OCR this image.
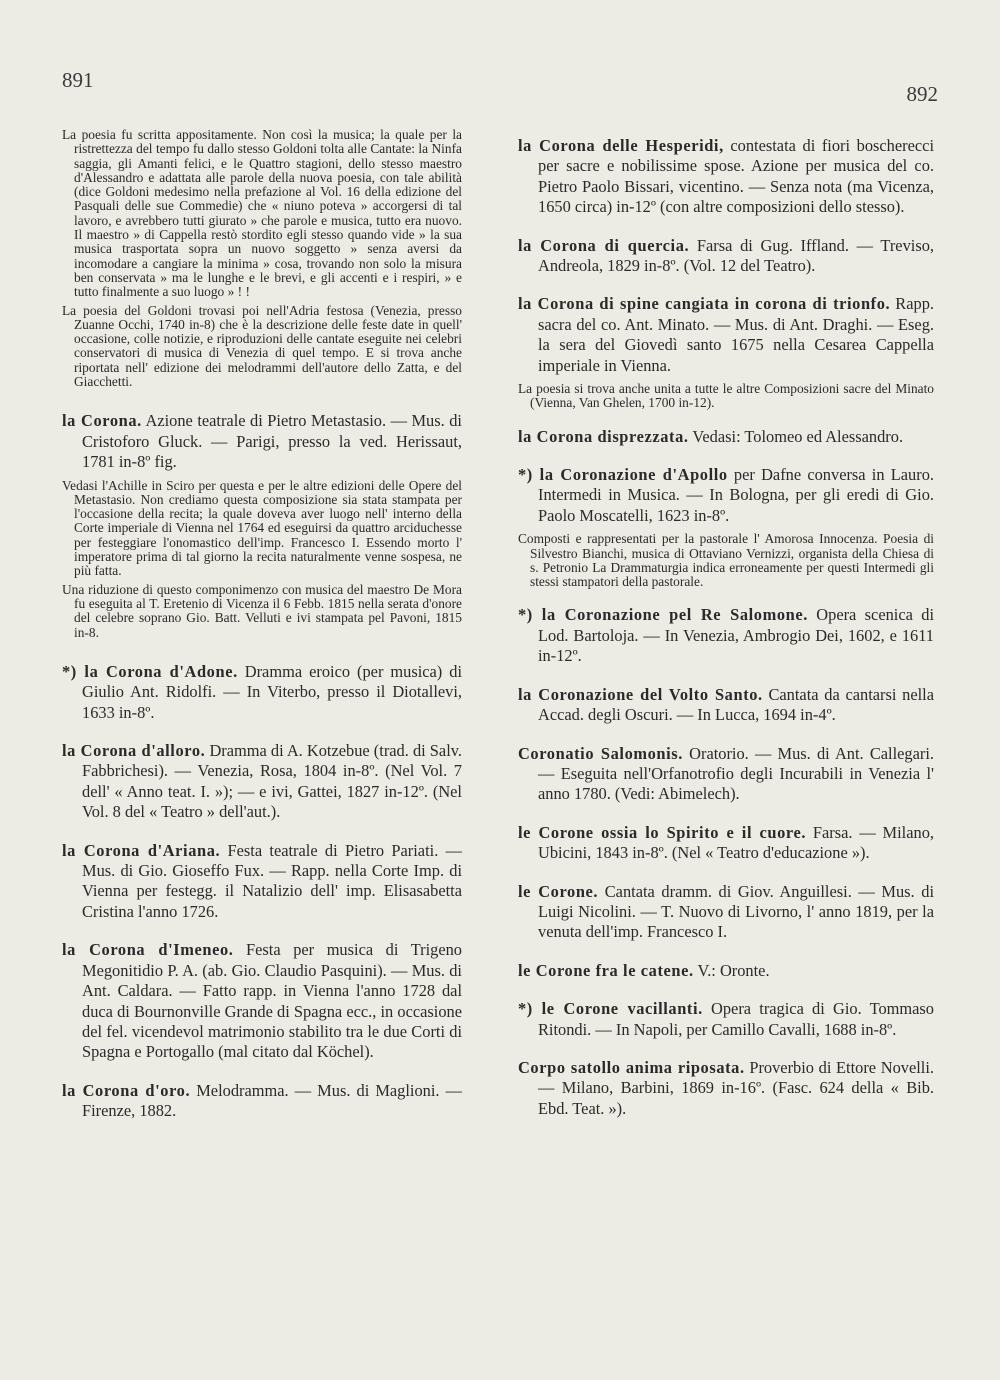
891
892

La poesia fu scritta appositamente. Non così la musica; la quale per la ristrettezza del tempo fu dallo stesso Goldoni tolta alle Cantate: la Ninfa saggia, gli Amanti felici, e le Quattro stagioni, dello stesso maestro d'Alessandro e adattata alle parole della nuova poesia, con tale abilità (dice Goldoni medesimo nella prefazione al Vol. 16 della edizione del Pasquali delle sue Commedie) che « niuno poteva » accorgersi di tal lavoro, e avrebbero tutti giurato » che parole e musica, tutto era nuovo. Il maestro » di Cappella restò stordito egli stesso quando vide » la sua musica trasportata sopra un nuovo soggetto » senza aversi da incomodare a cangiare la minima » cosa, trovando non solo la misura ben conservata » ma le lunghe e le brevi, e gli accenti e i respiri, » e tutto finalmente a suo luogo » ! !

La poesia del Goldoni trovasi poi nell'Adria festosa (Venezia, presso Zuanne Occhi, 1740 in-8) che è la descrizione delle feste date in quell' occasione, colle notizie, e riproduzioni delle cantate eseguite nei celebri conservatori di musica di Venezia di quel tempo. E si trova anche riportata nell' edizione dei melodrammi dell'autore dello Zatta, e del Giacchetti.

la Corona. Azione teatrale di Pietro Metastasio. — Mus. di Cristoforo Gluck. — Parigi, presso la ved. Herissaut, 1781 in-8º fig.

Vedasi l'Achille in Sciro per questa e per le altre edizioni delle Opere del Metastasio. Non crediamo questa composizione sia stata stampata per l'occasione della recita; la quale doveva aver luogo nell' interno della Corte imperiale di Vienna nel 1764 ed eseguirsi da quattro arciduchesse per festeggiare l'onomastico dell'imp. Francesco I. Essendo morto l' imperatore prima di tal giorno la recita naturalmente venne sospesa, ne più fatta.

Una riduzione di questo componimenzo con musica del maestro De Mora fu eseguita al T. Eretenio di Vicenza il 6 Febb. 1815 nella serata d'onore del celebre soprano Gio. Batt. Velluti e ivi stampata pel Pavoni, 1815 in-8.

*) la Corona d'Adone. Dramma eroico (per musica) di Giulio Ant. Ridolfi. — In Viterbo, presso il Diotallevi, 1633 in-8º.

la Corona d'alloro. Dramma di A. Kotzebue (trad. di Salv. Fabbrichesi). — Venezia, Rosa, 1804 in-8º. (Nel Vol. 7 dell' « Anno teat. I. »); — e ivi, Gattei, 1827 in-12º. (Nel Vol. 8 del « Teatro » dell'aut.).

la Corona d'Ariana. Festa teatrale di Pietro Pariati. — Mus. di Gio. Gioseffo Fux. — Rapp. nella Corte Imp. di Vienna per festegg. il Natalizio dell' imp. Elisasabetta Cristina l'anno 1726.

la Corona d'Imeneo. Festa per musica di Trigeno Megonitidio P. A. (ab. Gio. Claudio Pasquini). — Mus. di Ant. Caldara. — Fatto rapp. in Vienna l'anno 1728 dal duca di Bournonville Grande di Spagna ecc., in occasione del fel. vicendevol matrimonio stabilito tra le due Corti di Spagna e Portogallo (mal citato dal Köchel).

la Corona d'oro. Melodramma. — Mus. di Maglioni. — Firenze, 1882.

la Corona delle Hesperidi, contestata di fiori boscherecci per sacre e nobilissime spose. Azione per musica del co. Pietro Paolo Bissari, vicentino. — Senza nota (ma Vicenza, 1650 circa) in-12º (con altre composizioni dello stesso).

la Corona di quercia. Farsa di Gug. Iffland. — Treviso, Andreola, 1829 in-8º. (Vol. 12 del Teatro).

la Corona di spine cangiata in corona di trionfo. Rapp. sacra del co. Ant. Minato. — Mus. di Ant. Draghi. — Eseg. la sera del Giovedì santo 1675 nella Cesarea Cappella imperiale in Vienna.

La poesia si trova anche unita a tutte le altre Composizioni sacre del Minato (Vienna, Van Ghelen, 1700 in-12).

la Corona disprezzata. Vedasi: Tolomeo ed Alessandro.

*) la Coronazione d'Apollo per Dafne conversa in Lauro. Intermedi in Musica. — In Bologna, per gli eredi di Gio. Paolo Moscatelli, 1623 in-8º.

Composti e rappresentati per la pastorale l' Amorosa Innocenza. Poesia di Silvestro Bianchi, musica di Ottaviano Vernizzi, organista della Chiesa di s. Petronio La Drammaturgia indica erroneamente per questi Intermedi gli stessi stampatori della pastorale.

*) la Coronazione pel Re Salomone. Opera scenica di Lod. Bartoloja. — In Venezia, Ambrogio Dei, 1602, e 1611 in-12º.

la Coronazione del Volto Santo. Cantata da cantarsi nella Accad. degli Oscuri. — In Lucca, 1694 in-4º.

Coronatio Salomonis. Oratorio. — Mus. di Ant. Callegari. — Eseguita nell'Orfanotrofio degli Incurabili in Venezia l' anno 1780. (Vedi: Abimelech).

le Corone ossia lo Spirito e il cuore. Farsa. — Milano, Ubicini, 1843 in-8º. (Nel « Teatro d'educazione »).

le Corone. Cantata dramm. di Giov. Anguillesi. — Mus. di Luigi Nicolini. — T. Nuovo di Livorno, l' anno 1819, per la venuta dell'imp. Francesco I.

le Corone fra le catene. V.: Oronte.

*) le Corone vacillanti. Opera tragica di Gio. Tommaso Ritondi. — In Napoli, per Camillo Cavalli, 1688 in-8º.

Corpo satollo anima riposata. Proverbio di Ettore Novelli. — Milano, Barbini, 1869 in-16º. (Fasc. 624 della « Bib. Ebd. Teat. »).
